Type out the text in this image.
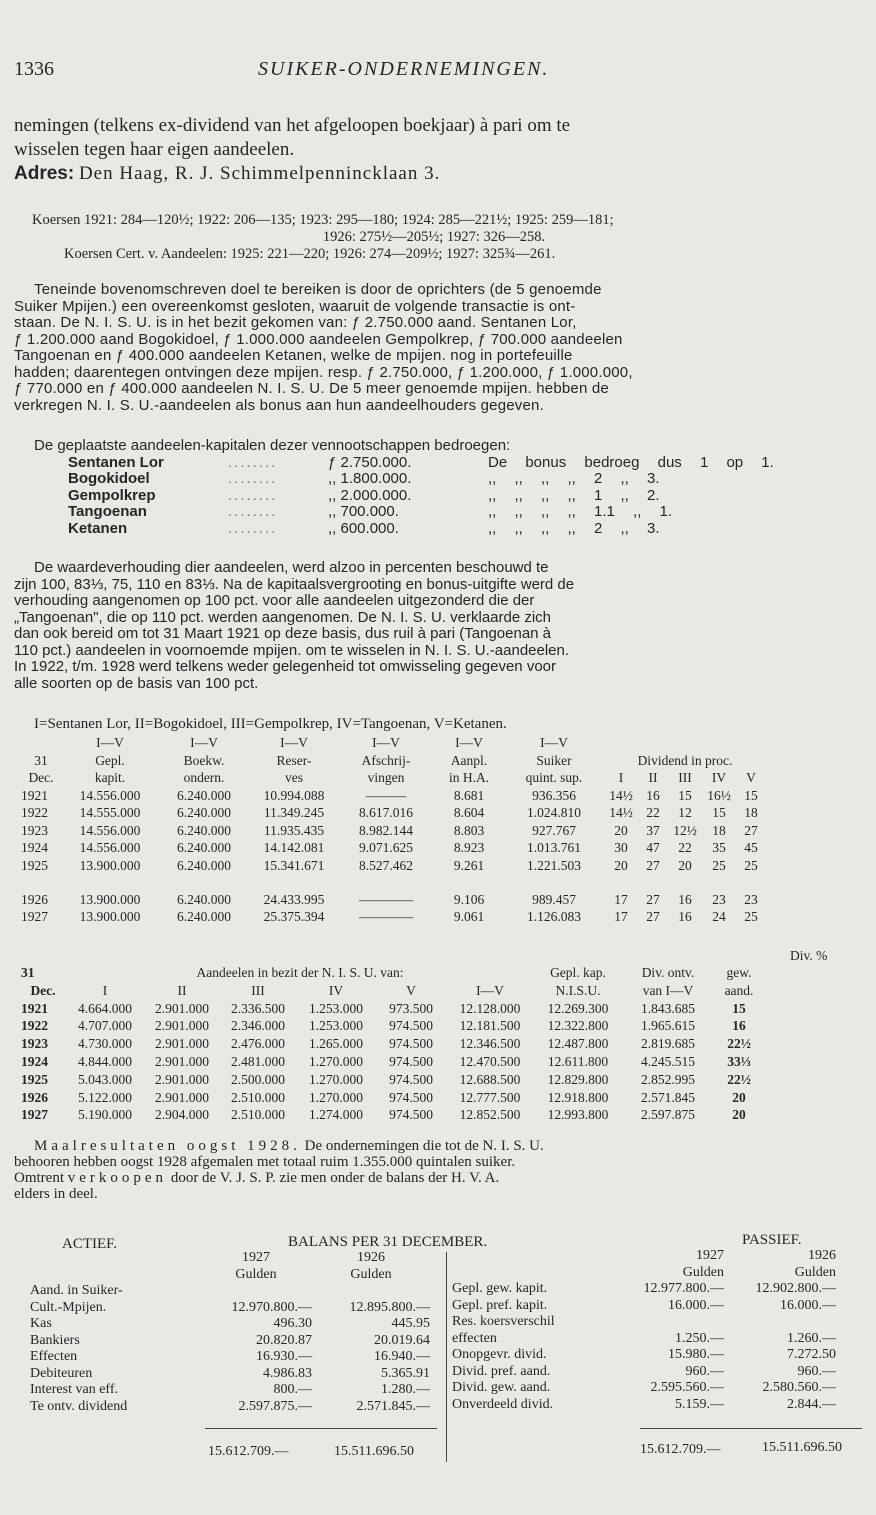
1336	SUIKER-ONDERNEMINGEN.
nemingen (telkens ex-dividend van het afgeloopen boekjaar) à pari om te
wisselen tegen haar eigen aandeelen.
Adres: Den Haag, R. J. Schimmelpennincklaan 3.
Koersen 1921: 284—120½; 1922: 206—135; 1923: 295—180; 1924: 285—221½; 1925: 259—181;
1926: 275½—205½; 1927: 326—258.
Koersen Cert. v. Aandeelen: 1925: 221—220; 1926: 274—209½; 1927: 325¾—261.
Teneinde bovenomschreven doel te bereiken is door de oprichters (de 5 genoemde
Suiker Mpijen.) een overeenkomst gesloten, waaruit de volgende transactie is ont-
staan. De N. I. S. U. is in het bezit gekomen van: ƒ 2.750.000 aand. Sentanen Lor,
ƒ 1.200.000 aand Bogokidoel, ƒ 1.000.000 aandeelen Gempolkrep, ƒ 700.000 aandeelen
Tangoenan en ƒ 400.000 aandeelen Ketanen, welke de mpijen. nog in portefeuille
hadden; daarentegen ontvingen deze mpijen. resp. ƒ 2.750.000, ƒ 1.200.000, ƒ 1.000.000,
ƒ 770.000 en ƒ 400.000 aandeelen N. I. S. U. De 5 meer genoemde mpijen. hebben de
verkregen N. I. S. U.-aandeelen als bonus aan hun aandeelhouders gegeven.
De geplaatste aandeelen-kapitalen dezer vennootschappen bedroegen:
Sentanen Lor	........	ƒ 2.750.000.	De bonus bedroeg dus 1 op 1.
Bogokidoel	........	,, 1.800.000.	,, ,, ,, ,, 2 ,, 3.
Gempolkrep	........	,, 2.000.000.	,, ,, ,, ,, 1 ,, 2.
Tangoenan	........	,, 700.000.	,, ,, ,, ,, 1.1 ,, 1.
Ketanen	........	,, 600.000.	,, ,, ,, ,, 2 ,, 3.
De waardeverhouding dier aandeelen, werd alzoo in percenten beschouwd te
zijn 100, 83⅓, 75, 110 en 83⅓. Na de kapitaalsvergrooting en bonus-uitgifte werd de
verhouding aangenomen op 100 pct. voor alle aandeelen uitgezonderd die der
„Tangoenan", die op 110 pct. werden aangenomen. De N. I. S. U. verklaarde zich
dan ook bereid om tot 31 Maart 1921 op deze basis, dus ruil à pari (Tangoenan à
110 pct.) aandeelen in voornoemde mpijen. om te wisselen in N. I. S. U.-aandeelen.
In 1922, t/m. 1928 werd telkens weder gelegenheid tot omwisseling gegeven voor
alle soorten op de basis van 100 pct.
I=Sentanen Lor, II=Bogokidoel, III=Gempolkrep, IV=Tangoenan, V=Ketanen.
	I—V	I—V	I—V	I—V	I—V	I—V					
31	Gepl.	Boekw.	Reser-	Afschrij-	Aanpl.	Suiker	Dividend in proc.				
Dec.	kapit.	ondern.	ves	vingen	in H.A.	quint. sup.	I	II	III	IV	V
1921	14.556.000	6.240.000	10.994.088	———	8.681	936.356	14½	16	15	16½	15
1922	14.555.000	6.240.000	11.349.245	8.617.016	8.604	1.024.810	14½	22	12	15	18
1923	14.556.000	6.240.000	11.935.435	8.982.144	8.803	927.767	20	37	12½	18	27
1924	14.556.000	6.240.000	14.142.081	9.071.625	8.923	1.013.761	30	47	22	35	45
1925	13.900.000	6.240.000	15.341.671	8.527.462	9.261	1.221.503	20	27	20	25	25
1926	13.900.000	6.240.000	24.433.995	————	9.106	989.457	17	27	16	23	23
1927	13.900.000	6.240.000	25.375.394	————	9.061	1.126.083	17	27	16	24	25
Div. %
31	Aandeelen in bezit der N. I. S. U. van:						Gepl. kap.	Div. ontv.	gew.
Dec.	I	II	III	IV	V	I—V	N.I.S.U.	van I—V	aand.
1921	4.664.000	2.901.000	2.336.500	1.253.000	973.500	12.128.000	12.269.300	1.843.685	15
1922	4.707.000	2.901.000	2.346.000	1.253.000	974.500	12.181.500	12.322.800	1.965.615	16
1923	4.730.000	2.901.000	2.476.000	1.265.000	974.500	12.346.500	12.487.800	2.819.685	22½
1924	4.844.000	2.901.000	2.481.000	1.270.000	974.500	12.470.500	12.611.800	4.245.515	33⅓
1925	5.043.000	2.901.000	2.500.000	1.270.000	974.500	12.688.500	12.829.800	2.852.995	22½
1926	5.122.000	2.901.000	2.510.000	1.270.000	974.500	12.777.500	12.918.800	2.571.845	20
1927	5.190.000	2.904.000	2.510.000	1.274.000	974.500	12.852.500	12.993.800	2.597.875	20
Maalresultaten oogst 1928. De ondernemingen die tot de N. I. S. U.
behooren hebben oogst 1928 afgemalen met totaal ruim 1.355.000 quintalen suiker.
Omtrent verkoopen door de V. J. S. P. zie men onder de balans der H. V. A.
elders in deel.
ACTIEF.	BALANS PER 31 DECEMBER.	PASSIEF.
	1927	1926
	Gulden	Gulden
Aand. in Suiker-		
Cult.-Mpijen.	12.970.800.—	12.895.800.—
Kas	496.30	445.95
Bankiers	20.820.87	20.019.64
Effecten	16.930.—	16.940.—
Debiteuren	4.986.83	5.365.91
Interest van eff.	800.—	1.280.—
Te ontv. dividend	2.597.875.—	2.571.845.—
	1927	1926
	Gulden	Gulden
Gepl. gew. kapit.	12.977.800.—	12.902.800.—
Gepl. pref. kapit.	16.000.—	16.000.—
Res. koersverschil		
effecten	1.250.—	1.260.—
Onopgevr. divid.	15.980.—	7.272.50
Divid. pref. aand.	960.—	960.—
Divid. gew. aand.	2.595.560.—	2.580.560.—
Onverdeeld divid.	5.159.—	2.844.—
15.612.709.—	15.511.696.50	15.612.709.—	15.511.696.50
